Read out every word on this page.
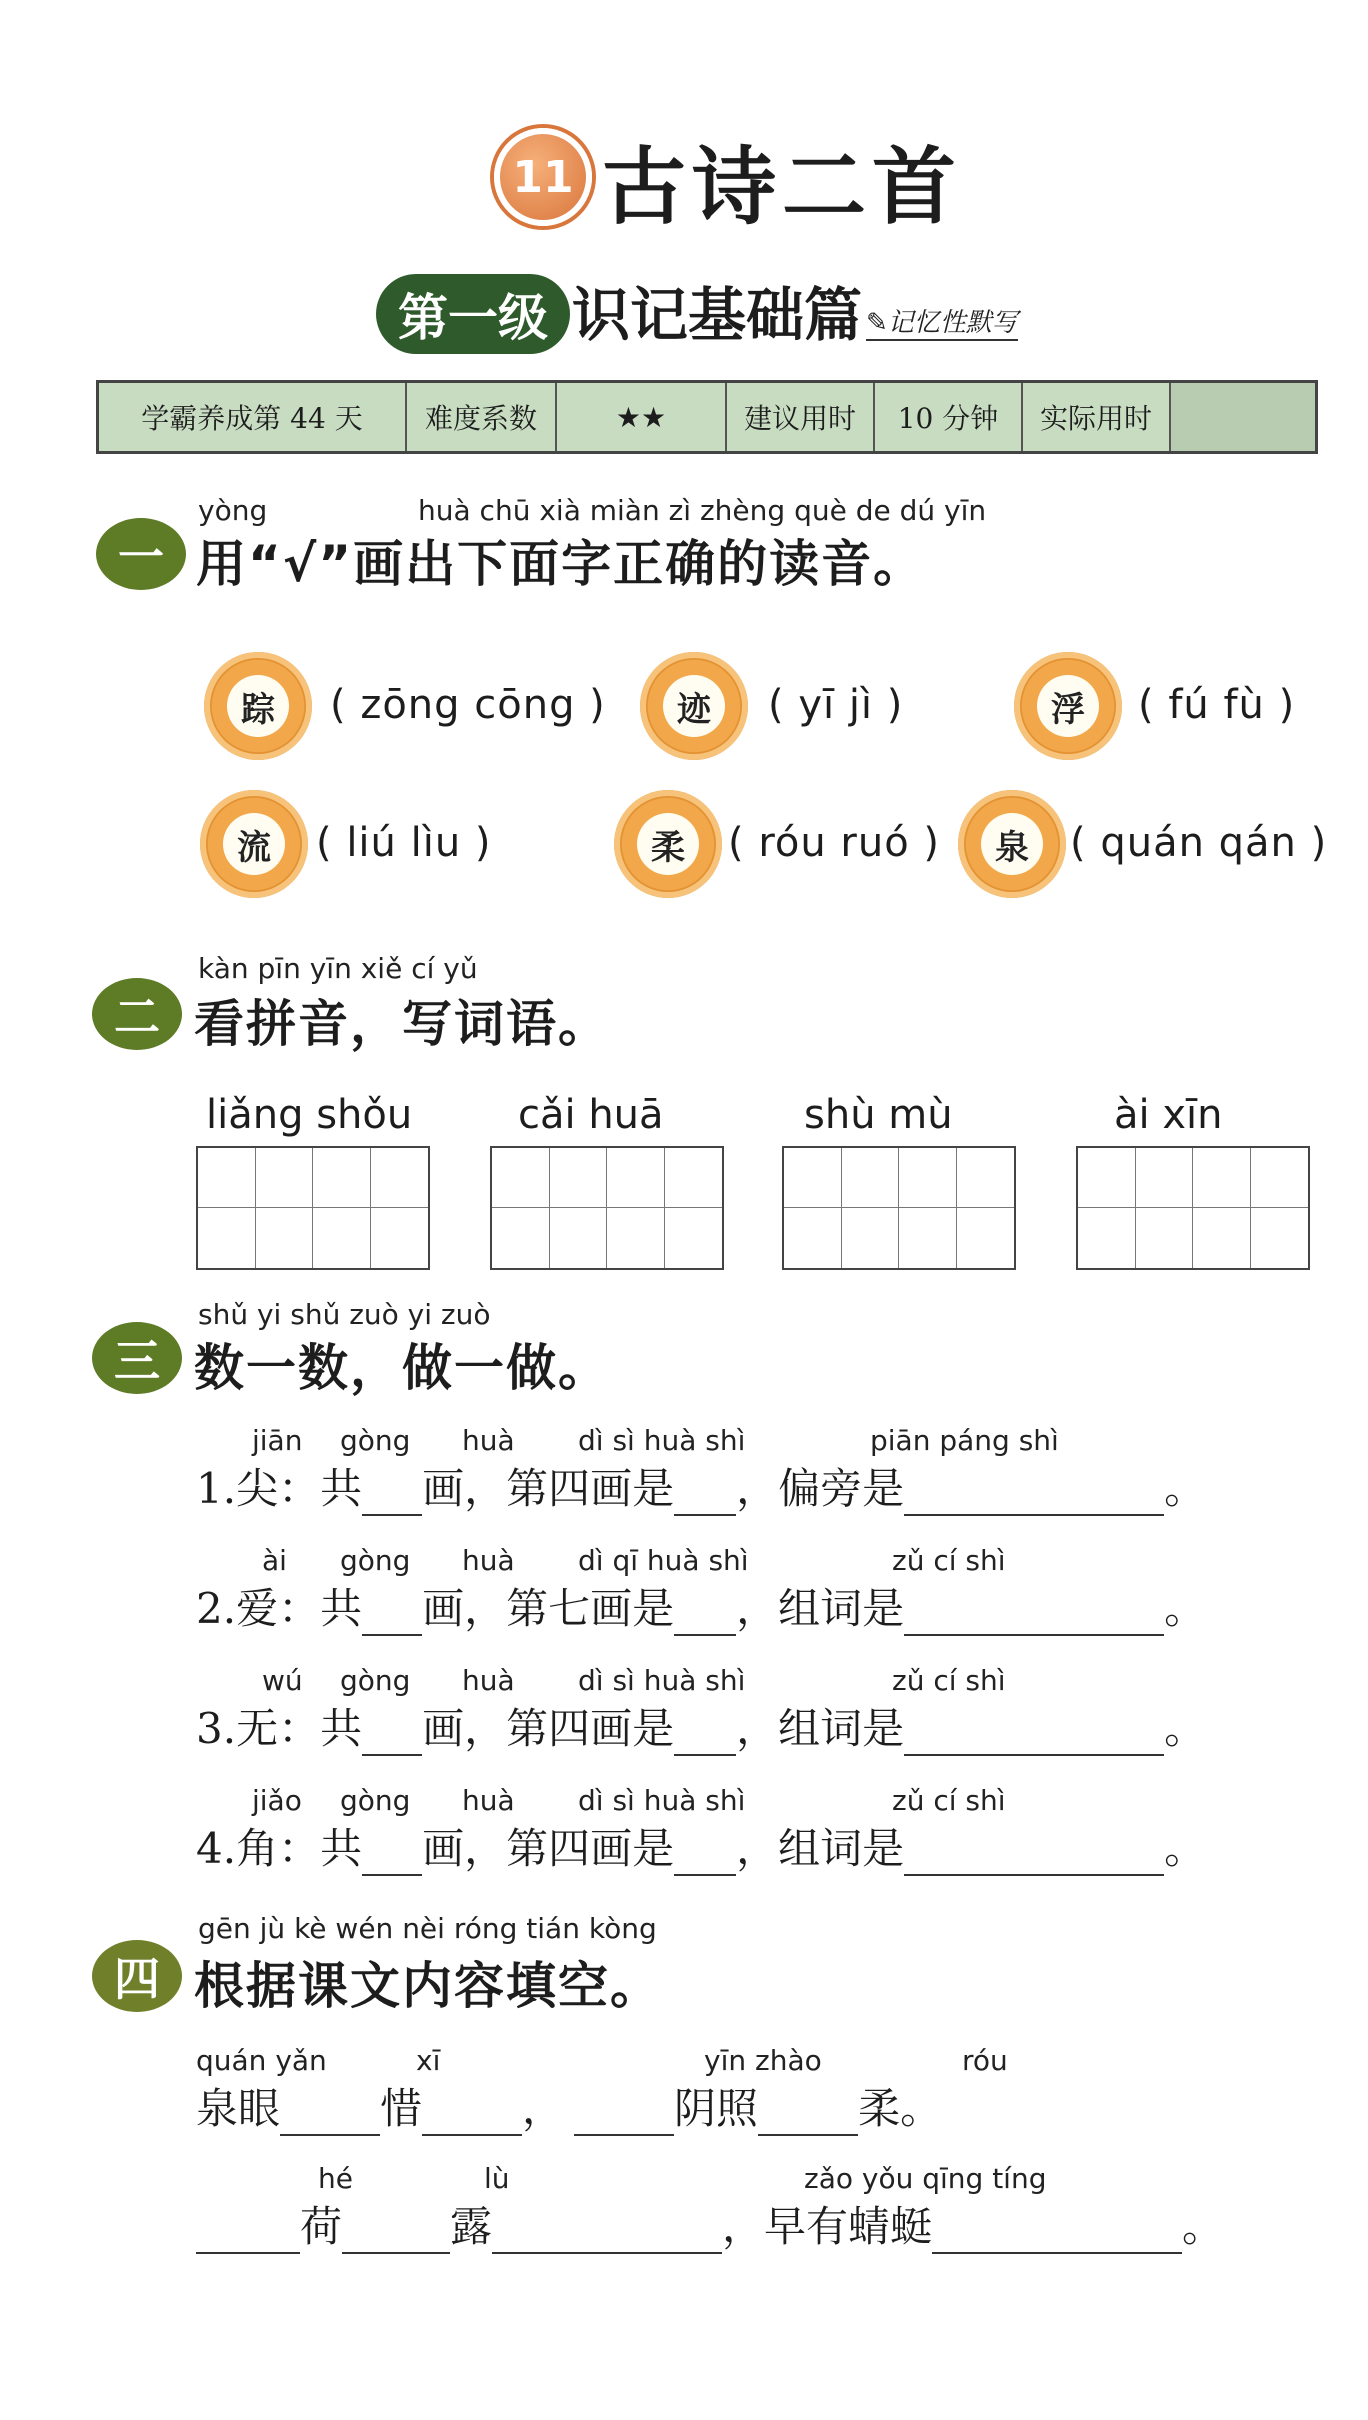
11 古诗二首
第一级 识记基础篇 ✎记忆性默写
学霸养成第 44 天	难度系数	★★	建议用时	10 分钟	实际用时
一
yòng	huà chū xià miàn zì zhèng què de dú yīn
用“√”画出下面字正确的读音。
踪	( zōng cōng )	迹	( yī jì )	浮	( fú fù )
流	( liú lìu )	柔	( róu ruó )	泉	( quán qán )
二
kàn pīn yīn xiě cí yǔ
看拼音，写词语。
liǎng shǒu	cǎi huā	shù mù	ài xīn
三
shǔ yi shǔ zuò yi zuò
数一数，做一做。
jiān gòng huà dì sì huà shì	piān páng shì
1.尖：共 画，第四画是 ，偏旁是	。
ài gòng huà dì qī huà shì	zǔ cí shì
2.爱：共 画，第七画是 ，组词是	。
wú gòng huà dì sì huà shì	zǔ cí shì
3.无：共 画，第四画是 ，组词是	。
jiǎo gòng huà dì sì huà shì	zǔ cí shì
4.角：共 画，第四画是 ，组词是	。
四
gēn jù kè wén nèi róng tián kòng
根据课文内容填空。
quán yǎn	xī	yīn zhào	róu
泉眼 惜 ，	阴照 柔。
hé	lù	zǎo yǒu qīng tíng
荷	露	，早有蜻蜓	。
